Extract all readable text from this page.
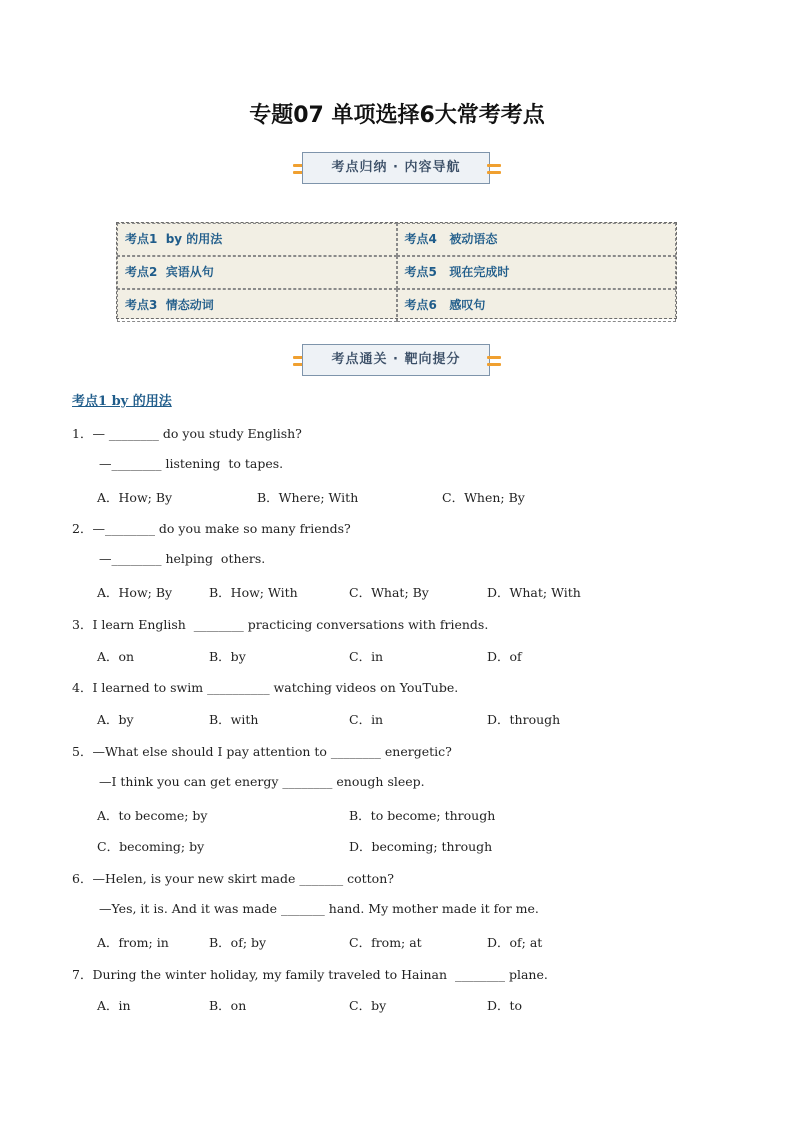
专题07 单项选择6大常考考点
考点归纳 · 内容导航
考点1  by 的用法	考点4   被动语态
考点2  宾语从句	考点5   现在完成时
考点3  情态动词	考点6   感叹句
考点通关 · 靶向提分
考点1 by 的用法
1．— ________ do you study English?
—________ listening  to tapes.
A．How; By	B．Where; With	C．When; By
2．—________ do you make so many friends?
—________ helping  others.
A．How; By	B．How; With	C．What; By	D．What; With
3．I learn English  ________ practicing conversations with friends.
A．on	B．by	C．in	D．of
4．I learned to swim __________ watching videos on YouTube.
A．by	B．with	C．in	D．through
5．—What else should I pay attention to ________ energetic?
—I think you can get energy ________ enough sleep.
A．to become; by	B．to become; through
C．becoming; by	D．becoming; through
6．—Helen, is your new skirt made _______ cotton?
—Yes, it is. And it was made _______ hand. My mother made it for me.
A．from; in	B．of; by	C．from; at	D．of; at
7．During the winter holiday, my family traveled to Hainan  ________ plane.
A．in	B．on	C．by	D．to
